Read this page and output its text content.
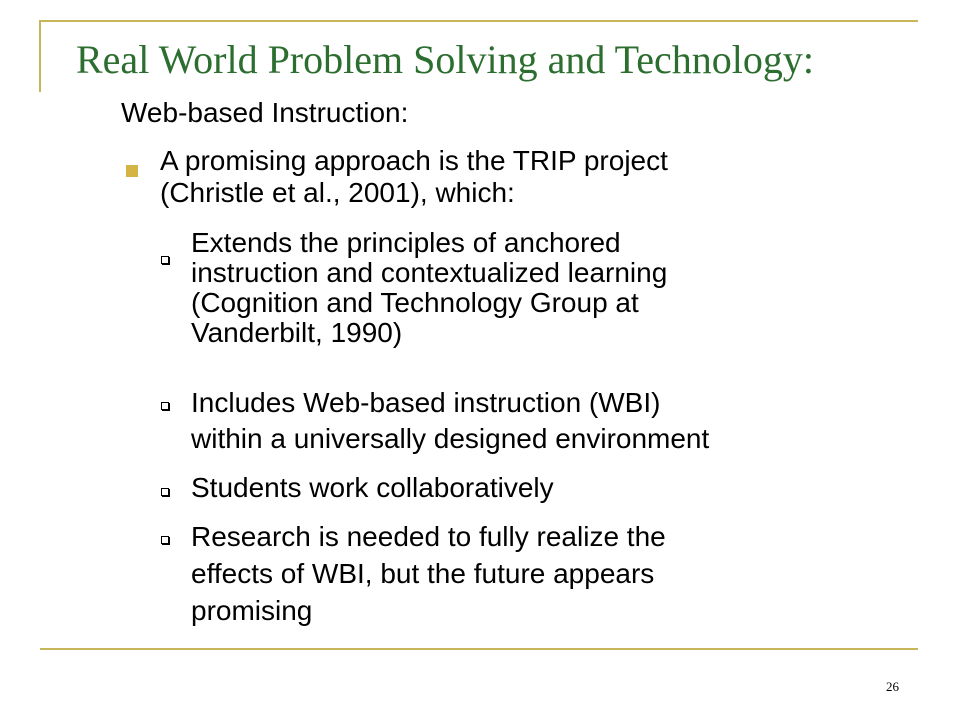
Real World Problem Solving and Technology:
Web-based Instruction:
A promising approach is the TRIP project
(Christle et al., 2001), which:
Extends the principles of anchored
instruction and contextualized learning
(Cognition and Technology Group at
Vanderbilt, 1990)
Includes Web-based instruction (WBI)
within a universally designed environment
Students work collaboratively
Research is needed to fully realize the
effects of WBI, but the future appears
promising
26
